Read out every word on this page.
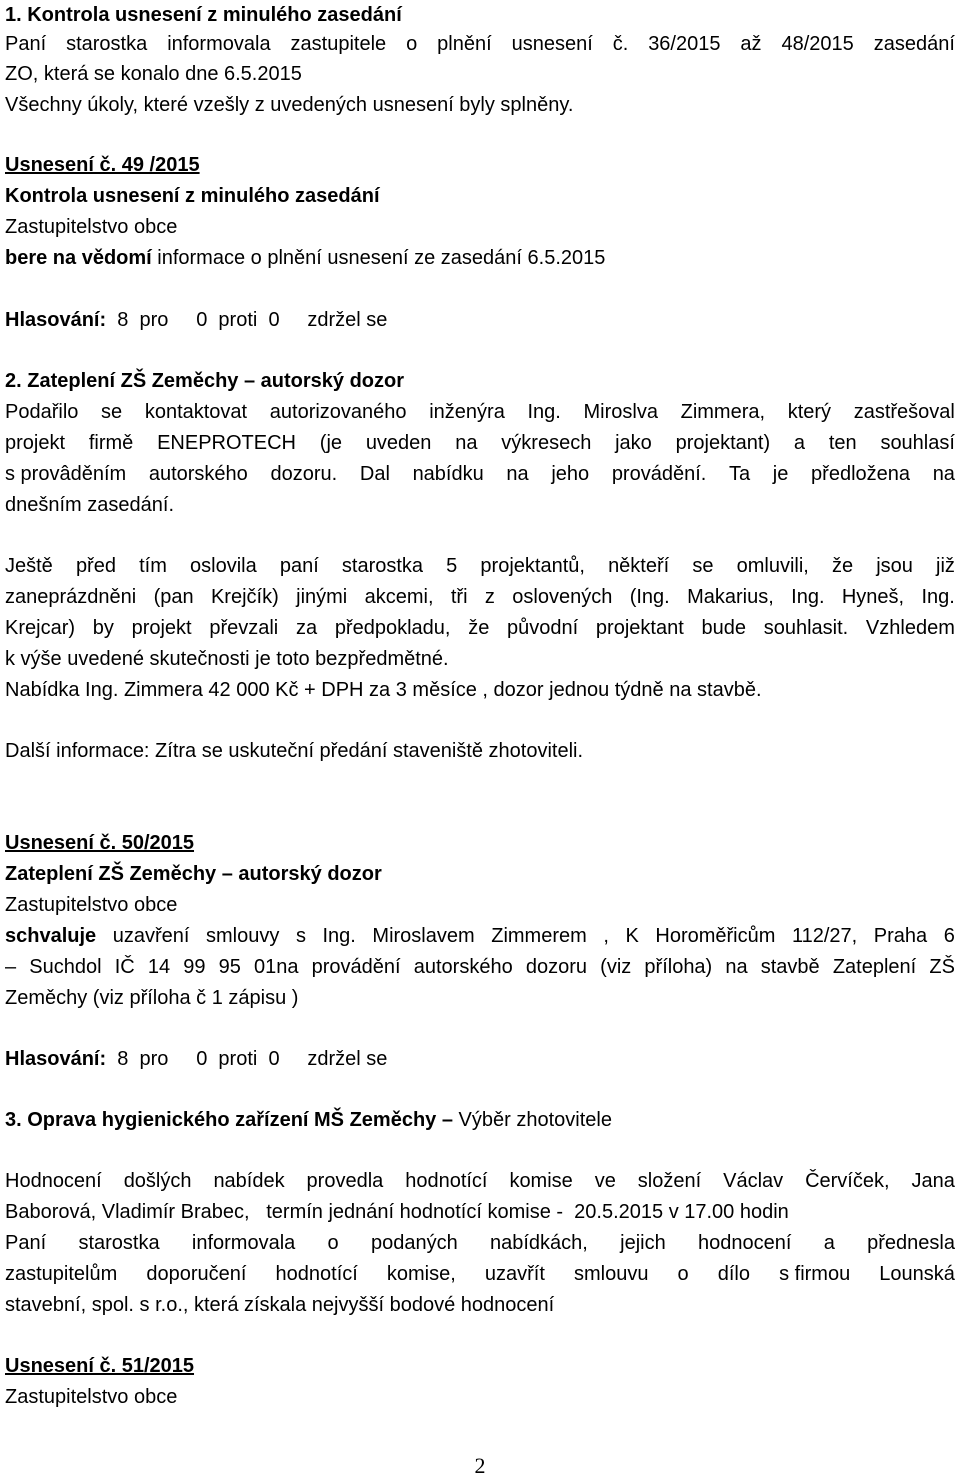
1. Kontrola usnesení z minulého zasedání
Paní starostka informovala zastupitele o plnění usnesení č. 36/2015 až 48/2015 zasedání
ZO, která se konalo dne 6.5.2015
Všechny úkoly, které vzešly z uvedených usnesení byly splněny.
Usnesení č. 49 /2015
Kontrola usnesení z minulého zasedání
Zastupitelstvo obce
bere na vědomí informace o plnění usnesení ze zasedání 6.5.2015
Hlasování:  8  pro     0  proti  0     zdržel se
2. Zateplení ZŠ Zeměchy – autorský dozor
Podařilo se kontaktovat autorizovaného inženýra Ing. Miroslva Zimmera, který zastřešoval
projekt firmě ENEPROTECH (je uveden na výkresech jako projektant) a ten souhlasí
s provâděním autorského dozoru. Dal nabídku na jeho provádění. Ta je předložena na
dnešním zasedání.
Ještě před tím oslovila paní starostka 5 projektantů, někteří se omluvili, že jsou již
zaneprázdněni (pan Krejčík) jinými akcemi, tři z oslovených (Ing. Makarius, Ing. Hyneš, Ing.
Krejcar) by projekt převzali za předpokladu, že původní projektant bude souhlasit. Vzhledem
k výše uvedené skutečnosti je toto bezpředmětné.
Nabídka Ing. Zimmera 42 000 Kč + DPH za 3 měsíce , dozor jednou týdně na stavbě.
Další informace: Zítra se uskuteční předání staveniště zhotoviteli.
Usnesení č. 50/2015
Zateplení ZŠ Zeměchy – autorský dozor
Zastupitelstvo obce
schvaluje uzavření smlouvy s Ing. Miroslavem Zimmerem , K Horoměřicům 112/27, Praha 6
– Suchdol IČ 14 99 95 01na provádění autorského dozoru (viz příloha) na stavbě Zateplení ZŠ
Zeměchy (viz příloha č 1 zápisu )
Hlasování:  8  pro     0  proti  0     zdržel se
3. Oprava hygienického zařízení MŠ Zeměchy – Výběr zhotovitele
Hodnocení došlých nabídek provedla hodnotící komise ve složení Václav Červíček, Jana
Baborová, Vladimír Brabec,   termín jednání hodnotící komise -  20.5.2015 v 17.00 hodin
Paní starostka informovala o podaných nabídkách, jejich hodnocení a přednesla
zastupitelům doporučení hodnotící komise, uzavřít smlouvu o dílo s firmou Lounská
stavební, spol. s r.o., která získala nejvyšší bodové hodnocení
Usnesení č. 51/2015
Zastupitelstvo obce
2
